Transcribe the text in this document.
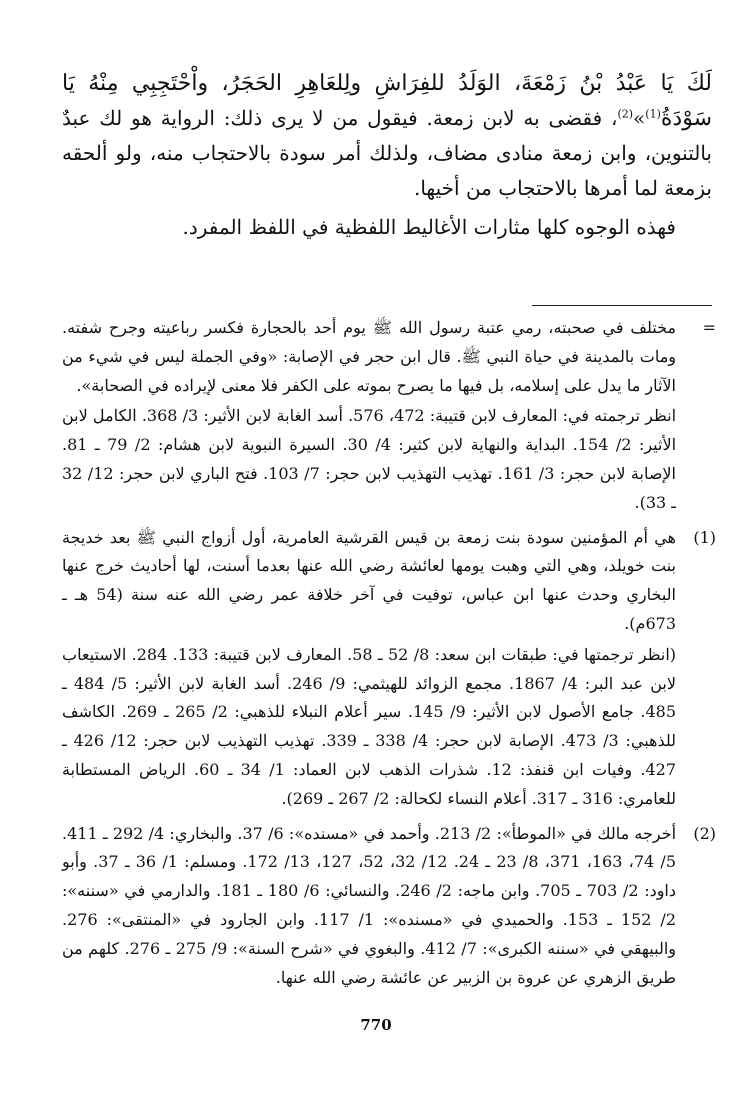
لَكَ يَا عَبْدُ بْنُ زَمْعَةَ، الوَلَدُ للفِرَاشِ ولِلعَاهِرِ الحَجَرُ، واْحْتَجِبِي مِنْهُ يَا سَوْدَةُ$^{(1)}$»$^{(2)}$، فقضى به لابن زمعة. فيقول من لا يرى ذلك: الرواية هو لك عبدٌ بالتنوين، وابن زمعة منادى مضاف، ولذلك أمر سودة بالاحتجاب منه، ولو ألحقه بزمعة لما أمرها بالاحتجاب من أخيها.

فهذه الوجوه كلها مثارات الأغاليط اللفظية في اللفظ المفرد.

=

مختلف في صحبته، رمي عتبة رسول الله ﷺ يوم أحد بالحجارة فكسر رباعيته وجرح شفته. ومات بالمدينة في حياة النبي ﷺ. قال ابن حجر في الإصابة: «وفي الجملة ليس في شيء من الآثار ما يدل على إسلامه، بل فيها ما يصرح بموته على الكفر فلا معنى لإيراده في الصحابة».

انظر ترجمته في: المعارف لابن قتيبة: 472، 576. أسد الغابة لابن الأثير: 3/ 368. الكامل لابن الأثير: 2/ 154. البداية والنهاية لابن كثير: 4/ 30. السيرة النبوية لابن هشام: 2/ 79 ـ 81. الإصابة لابن حجر: 3/ 161. تهذيب التهذيب لابن حجر: 7/ 103. فتح الباري لابن حجر: 12/ 32 ـ 33).

(1)

هي أم المؤمنين سودة بنت زمعة بن قيس القرشية العامرية، أول أزواج النبي ﷺ بعد خديجة بنت خويلد، وهي التي وهبت يومها لعائشة رضي الله عنها بعدما أسنت، لها أحاديث خرج عنها البخاري وحدث عنها ابن عباس، توفيت في آخر خلافة عمر رضي الله عنه سنة (54 هـ ـ 673م).

(انظر ترجمتها في: طبقات ابن سعد: 8/ 52 ـ 58. المعارف لابن قتيبة: 133. 284. الاستيعاب لابن عبد البر: 4/ 1867. مجمع الزوائد للهيثمي: 9/ 246. أسد الغابة لابن الأثير: 5/ 484 ـ 485. جامع الأصول لابن الأثير: 9/ 145. سير أعلام النبلاء للذهبي: 2/ 265 ـ 269. الكاشف للذهبي: 3/ 473. الإصابة لابن حجر: 4/ 338 ـ 339. تهذيب التهذيب لابن حجر: 12/ 426 ـ 427. وفيات ابن قنفذ: 12. شذرات الذهب لابن العماد: 1/ 34 ـ 60. الرياض المستطابة للعامري: 316 ـ 317. أعلام النساء لكحالة: 2/ 267 ـ 269).

(2)

أخرجه مالك في «الموطأ»: 2/ 213. وأحمد في «مسنده»: 6/ 37. والبخاري: 4/ 292 ـ 411. 5/ 74، 163، 371، 8/ 23 ـ 24. 12/ 32، 52، 127، 13/ 172. ومسلم: 1/ 36 ـ 37. وأبو داود: 2/ 703 ـ 705. وابن ماجه: 2/ 246. والنسائي: 6/ 180 ـ 181. والدارمي في «سننه»: 2/ 152 ـ 153. والحميدي في «مسنده»: 1/ 117. وابن الجارود في «المنتقى»: 276. والبيهقي في «سننه الكبرى»: 7/ 412. والبغوي في «شرح السنة»: 9/ 275 ـ 276. كلهم من طريق الزهري عن عروة بن الزبير عن عائشة رضي الله عنها.

770
